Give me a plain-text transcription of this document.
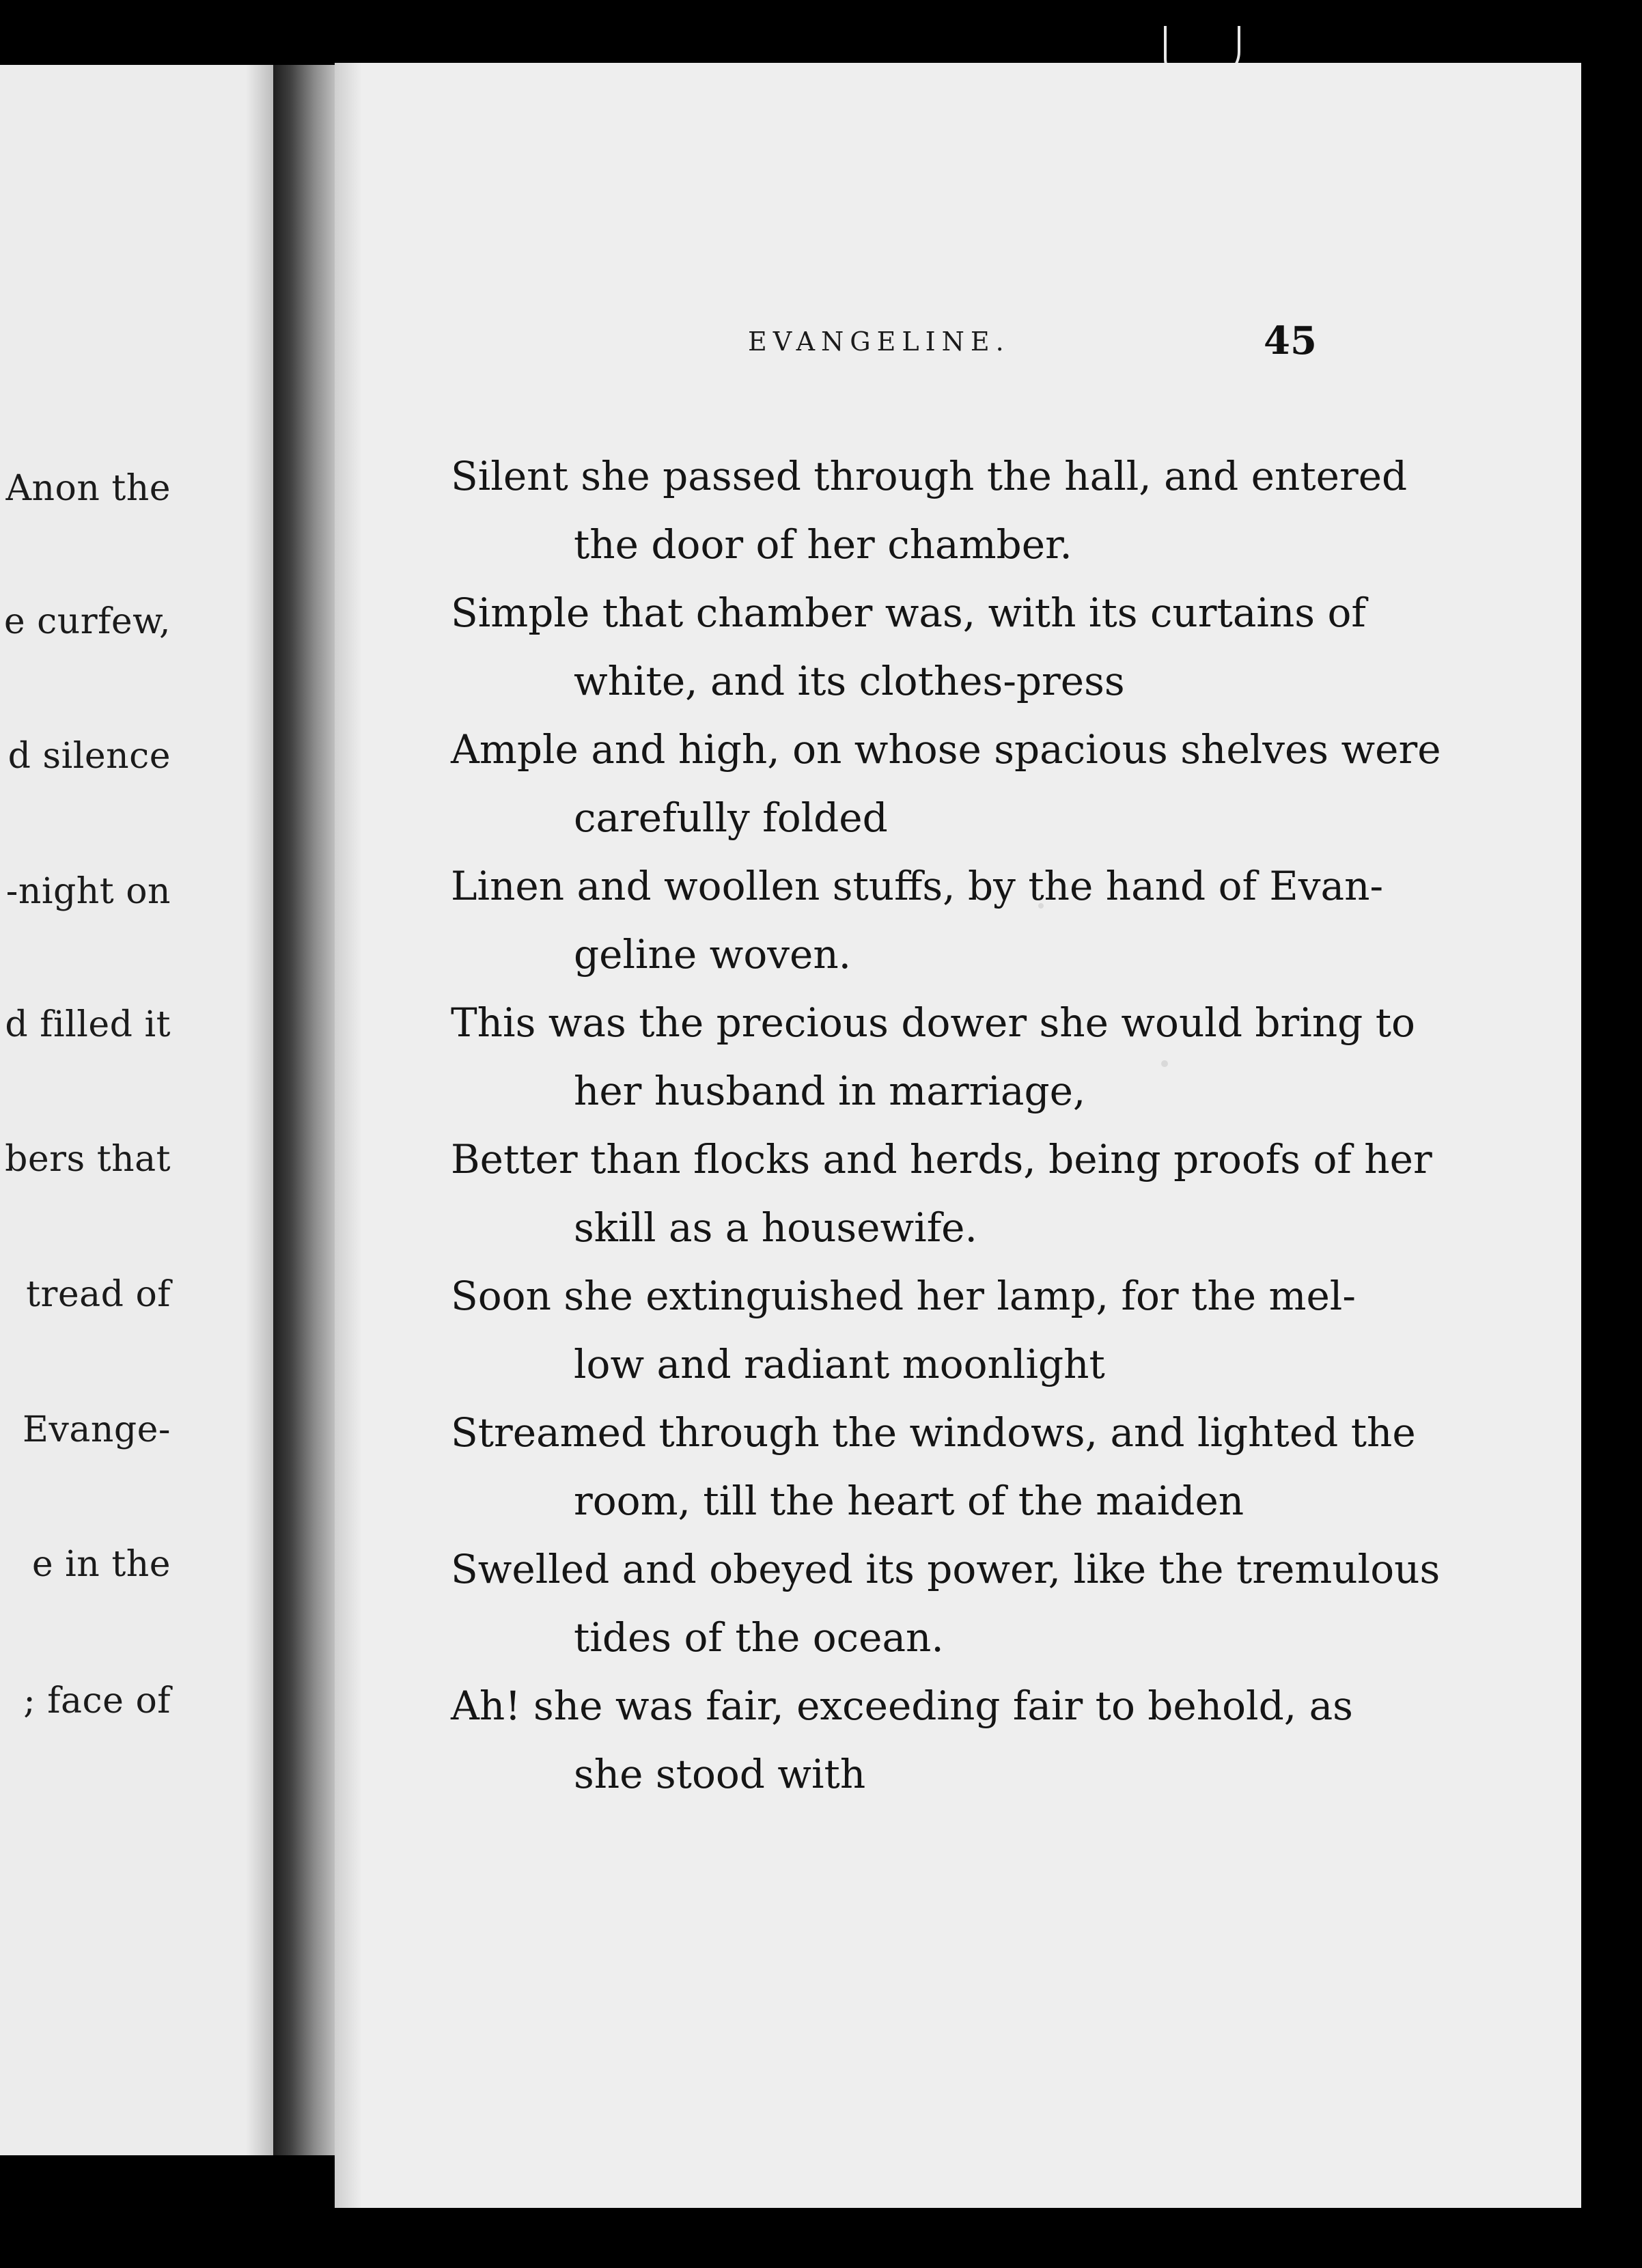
Anon the
e curfew,
d silence
-night on
d filled it
bers that
tread of
Evange-
e in the
; face of
EVANGELINE.	45
Silent she passed through the hall, and entered
the door of her chamber.
Simple that chamber was, with its curtains of
white, and its clothes-press
Ample and high, on whose spacious shelves were
carefully folded
Linen and woollen stuffs, by the hand of Evan-
geline woven.
This was the precious dower she would bring to
her husband in marriage,
Better than flocks and herds, being proofs of her
skill as a housewife.
Soon she extinguished her lamp, for the mel-
low and radiant moonlight
Streamed through the windows, and lighted the
room, till the heart of the maiden
Swelled and obeyed its power, like the tremulous
tides of the ocean.
Ah! she was fair, exceeding fair to behold, as
she stood with
